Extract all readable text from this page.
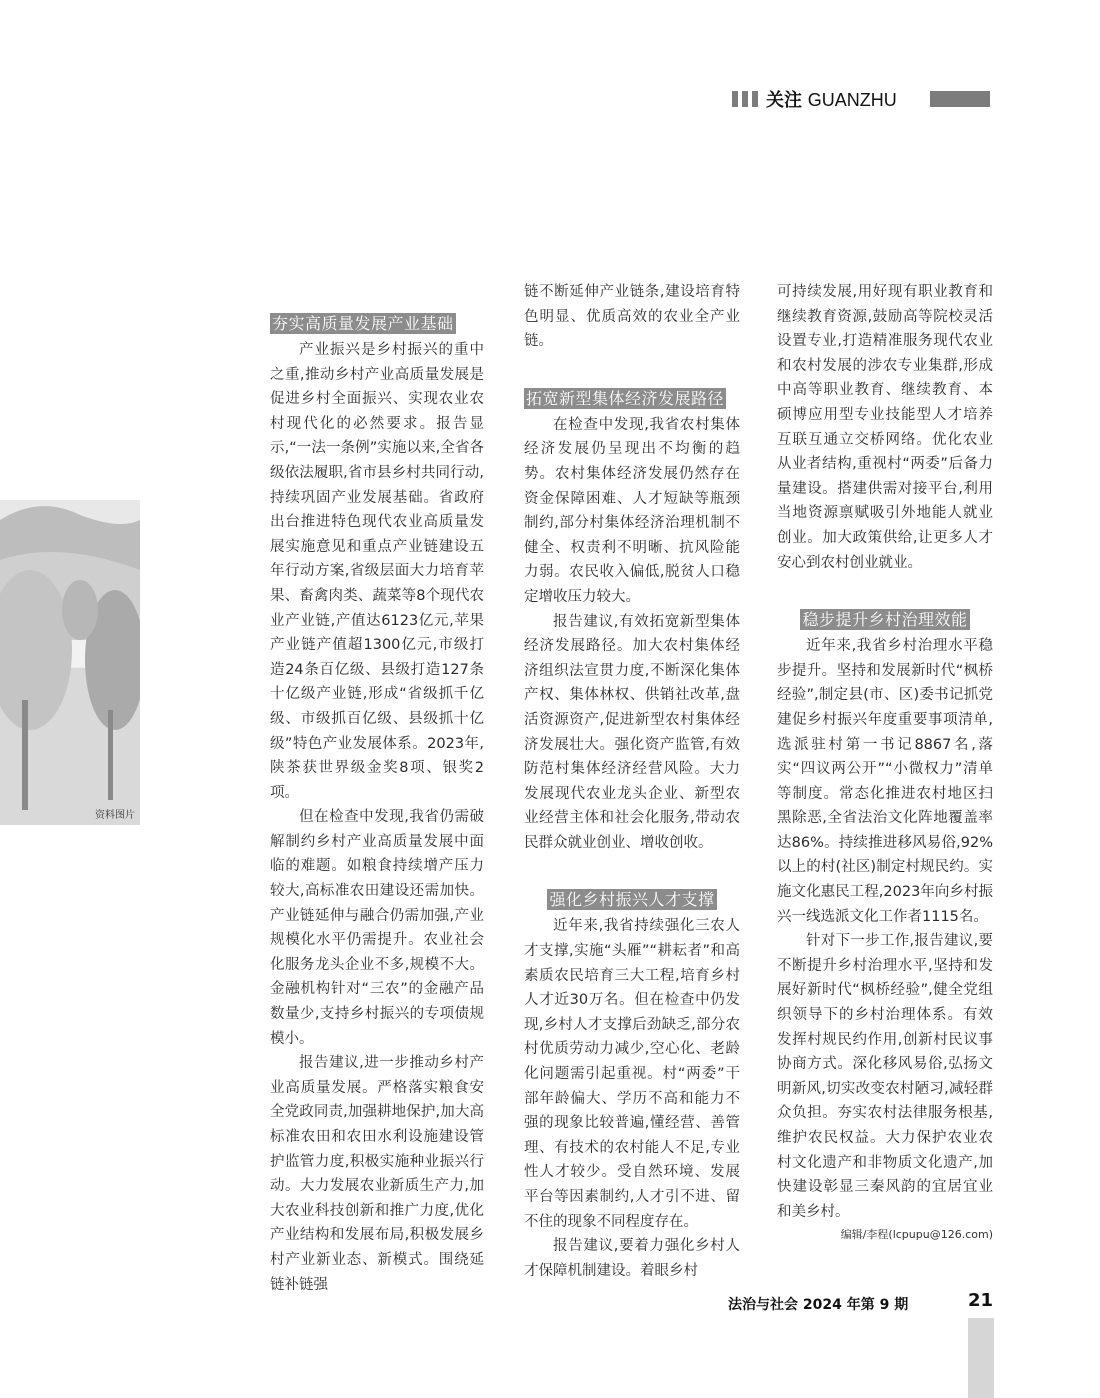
关注 GUANZHU
资料图片
夯实高质量发展产业基础

产业振兴是乡村振兴的重中之重,推动乡村产业高质量发展是促进乡村全面振兴、实现农业农村现代化的必然要求。报告显示,“一法一条例”实施以来,全省各级依法履职,省市县乡村共同行动,持续巩固产业发展基础。省政府出台推进特色现代农业高质量发展实施意见和重点产业链建设五年行动方案,省级层面大力培育苹果、畜禽肉类、蔬菜等8个现代农业产业链,产值达6123亿元,苹果产业链产值超1300亿元,市级打造24条百亿级、县级打造127条十亿级产业链,形成“省级抓千亿级、市级抓百亿级、县级抓十亿级”特色产业发展体系。2023年,陕茶获世界级金奖8项、银奖2项。

但在检查中发现,我省仍需破解制约乡村产业高质量发展中面临的难题。如粮食持续增产压力较大,高标准农田建设还需加快。产业链延伸与融合仍需加强,产业规模化水平仍需提升。农业社会化服务龙头企业不多,规模不大。金融机构针对“三农”的金融产品数量少,支持乡村振兴的专项债规模小。

报告建议,进一步推动乡村产业高质量发展。严格落实粮食安全党政同责,加强耕地保护,加大高标准农田和农田水利设施建设管护监管力度,积极实施种业振兴行动。大力发展农业新质生产力,加大农业科技创新和推广力度,优化产业结构和发展布局,积极发展乡村产业新业态、新模式。围绕延链补链强

链不断延伸产业链条,建设培育特色明显、优质高效的农业全产业链。

拓宽新型集体经济发展路径

在检查中发现,我省农村集体经济发展仍呈现出不均衡的趋势。农村集体经济发展仍然存在资金保障困难、人才短缺等瓶颈制约,部分村集体经济治理机制不健全、权责利不明晰、抗风险能力弱。农民收入偏低,脱贫人口稳定增收压力较大。

报告建议,有效拓宽新型集体经济发展路径。加大农村集体经济组织法宣贯力度,不断深化集体产权、集体林权、供销社改革,盘活资源资产,促进新型农村集体经济发展壮大。强化资产监管,有效防范村集体经济经营风险。大力发展现代农业龙头企业、新型农业经营主体和社会化服务,带动农民群众就业创业、增收创收。

强化乡村振兴人才支撑

近年来,我省持续强化三农人才支撑,实施“头雁”“耕耘者”和高素质农民培育三大工程,培育乡村人才近30万名。但在检查中仍发现,乡村人才支撑后劲缺乏,部分农村优质劳动力减少,空心化、老龄化问题需引起重视。村“两委”干部年龄偏大、学历不高和能力不强的现象比较普遍,懂经营、善管理、有技术的农村能人不足,专业性人才较少。受自然环境、发展平台等因素制约,人才引不进、留不住的现象不同程度存在。

报告建议,要着力强化乡村人才保障机制建设。着眼乡村

可持续发展,用好现有职业教育和继续教育资源,鼓励高等院校灵活设置专业,打造精准服务现代农业和农村发展的涉农专业集群,形成中高等职业教育、继续教育、本硕博应用型专业技能型人才培养互联互通立交桥网络。优化农业从业者结构,重视村“两委”后备力量建设。搭建供需对接平台,利用当地资源禀赋吸引外地能人就业创业。加大政策供给,让更多人才安心到农村创业就业。

稳步提升乡村治理效能

近年来,我省乡村治理水平稳步提升。坚持和发展新时代“枫桥经验”,制定县(市、区)委书记抓党建促乡村振兴年度重要事项清单,选派驻村第一书记8867名,落实“四议两公开”“小微权力”清单等制度。常态化推进农村地区扫黑除恶,全省法治文化阵地覆盖率达86%。持续推进移风易俗,92%以上的村(社区)制定村规民约。实施文化惠民工程,2023年向乡村振兴一线选派文化工作者1115名。

针对下一步工作,报告建议,要不断提升乡村治理水平,坚持和发展好新时代“枫桥经验”,健全党组织领导下的乡村治理体系。有效发挥村规民约作用,创新村民议事协商方式。深化移风易俗,弘扬文明新风,切实改变农村陋习,减轻群众负担。夯实农村法律服务根基,维护农民权益。大力保护农业农村文化遗产和非物质文化遗产,加快建设彰显三秦风韵的宜居宜业和美乡村。

编辑/李程(lcpupu@126.com)
法治与社会 2024 年第 9 期	21
